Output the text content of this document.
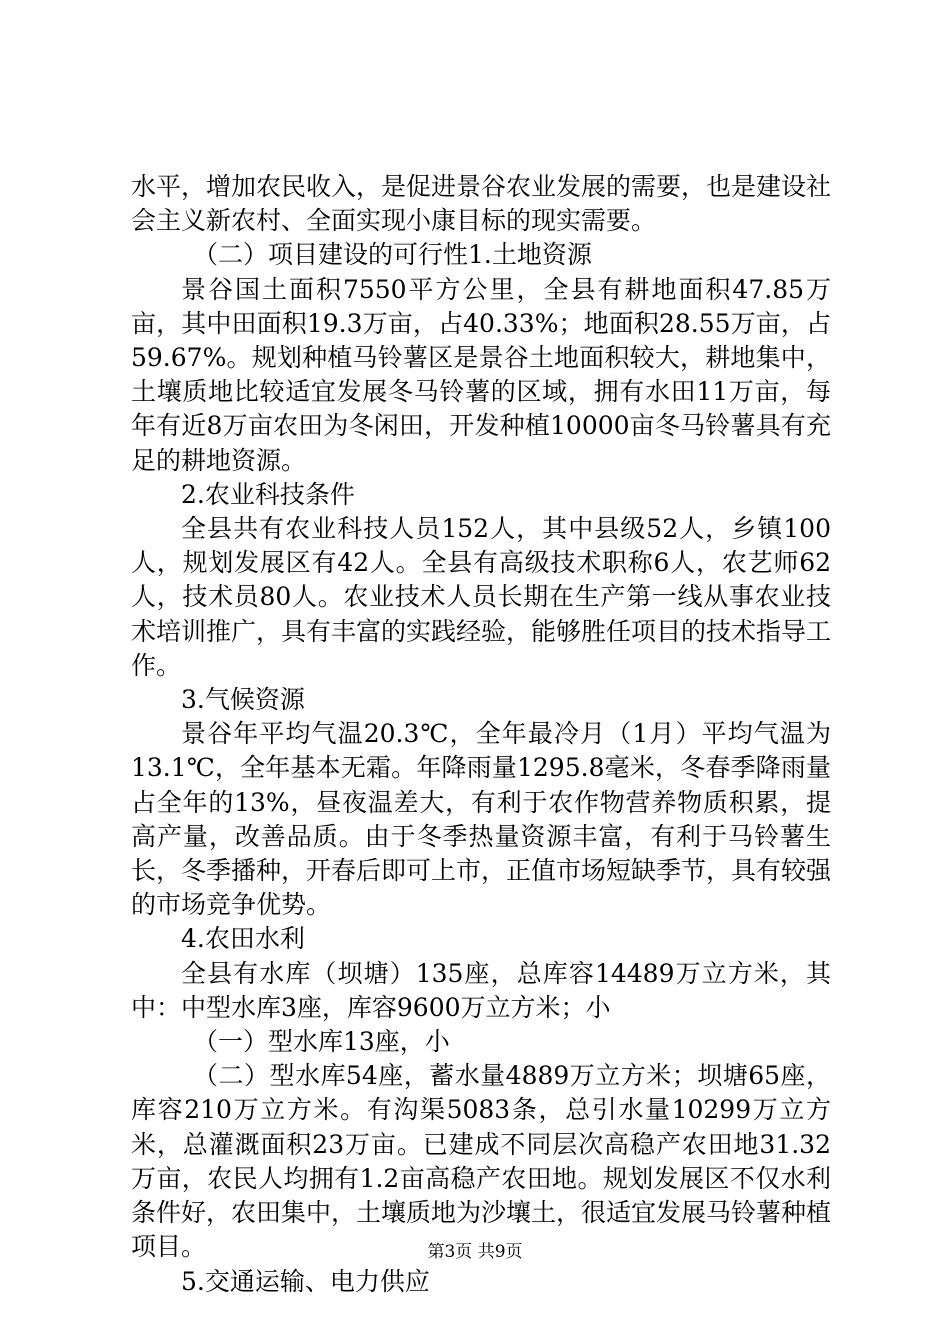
水平，增加农民收入，是促进景谷农业发展的需要，也是建设社会主义新农村、全面实现小康目标的现实需要。

（二）项目建设的可行性1.土地资源

景谷国土面积7550平方公里，全县有耕地面积47.85万亩，其中田面积19.3万亩，占40.33%；地面积28.55万亩，占59.67%。规划种植马铃薯区是景谷土地面积较大，耕地集中，土壤质地比较适宜发展冬马铃薯的区域，拥有水田11万亩，每年有近8万亩农田为冬闲田，开发种植10000亩冬马铃薯具有充足的耕地资源。

2.农业科技条件

全县共有农业科技人员152人，其中县级52人，乡镇100人，规划发展区有42人。全县有高级技术职称6人，农艺师62人，技术员80人。农业技术人员长期在生产第一线从事农业技术培训推广，具有丰富的实践经验，能够胜任项目的技术指导工作。

3.气候资源

景谷年平均气温20.3℃，全年最冷月（1月）平均气温为13.1℃，全年基本无霜。年降雨量1295.8毫米，冬春季降雨量占全年的13%，昼夜温差大，有利于农作物营养物质积累，提高产量，改善品质。由于冬季热量资源丰富，有利于马铃薯生长，冬季播种，开春后即可上市，正值市场短缺季节，具有较强的市场竞争优势。

4.农田水利

全县有水库（坝塘）135座，总库容14489万立方米，其中：中型水库3座，库容9600万立方米；小

（一）型水库13座，小

（二）型水库54座，蓄水量4889万立方米；坝塘65座，库容210万立方米。有沟渠5083条，总引水量10299万立方米，总灌溉面积23万亩。已建成不同层次高稳产农田地31.32万亩，农民人均拥有1.2亩高稳产农田地。规划发展区不仅水利条件好，农田集中，土壤质地为沙壤土，很适宜发展马铃薯种植项目。

5.交通运输、电力供应

第3页 共9页
